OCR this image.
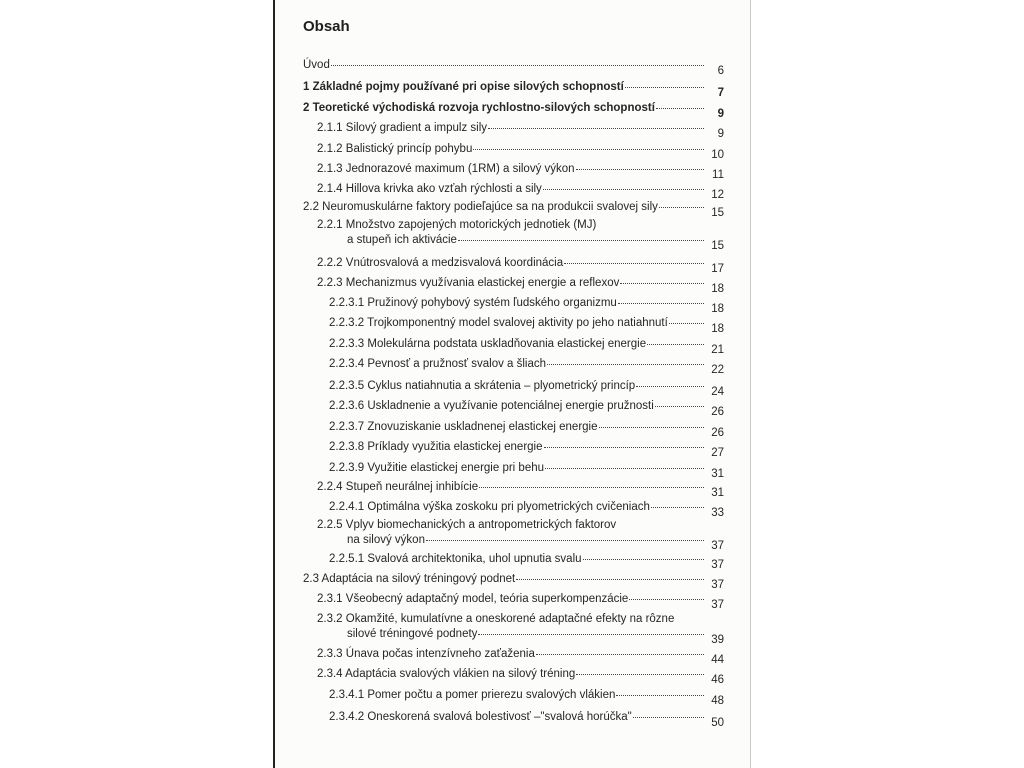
Obsah
Úvod	6
1 Základné pojmy používané pri opise silových schopností	7
2 Teoretické východiská rozvoja rychlostno-silových schopností	9
2.1.1 Silový gradient a impulz sily	9
2.1.2 Balistický princíp pohybu	10
2.1.3 Jednorazové maximum (1RM) a silový výkon	11
2.1.4 Hillova krivka ako vzťah rýchlosti a sily	12
2.2 Neuromuskulárne faktory podieľajúce sa na produkcii svalovej sily	15
2.2.1 Množstvo zapojených motorických jednotiek (MJ)
a stupeň ich aktivácie	15
2.2.2 Vnútrosvalová a medzisvalová koordinácia	17
2.2.3 Mechanizmus využívania elastickej energie a reflexov	18
2.2.3.1 Pružinový pohybový systém ľudského organizmu	18
2.2.3.2 Trojkomponentný model svalovej aktivity po jeho natiahnutí	18
2.2.3.3 Molekulárna podstata uskladňovania elastickej energie	21
2.2.3.4 Pevnosť a pružnosť svalov a šliach	22
2.2.3.5 Cyklus natiahnutia a skrátenia – plyometrický princíp	24
2.2.3.6 Uskladnenie a využívanie potenciálnej energie pružnosti	26
2.2.3.7 Znovuziskanie uskladnenej elastickej energie	26
2.2.3.8 Príklady využitia elastickej energie	27
2.2.3.9 Využitie elastickej energie pri behu	31
2.2.4 Stupeň neurálnej inhibície	31
2.2.4.1 Optimálna výška zoskoku pri plyometrických cvičeniach	33
2.2.5 Vplyv biomechanických a antropometrických faktorov
na silový výkon	37
2.2.5.1 Svalová architektonika, uhol upnutia svalu	37
2.3 Adaptácia na silový tréningový podnet	37
2.3.1 Všeobecný adaptačný model, teória superkompenzácie	37
2.3.2 Okamžité, kumulatívne a oneskorené adaptačné efekty na rôzne
silové tréningové podnety	39
2.3.3 Únava počas intenzívneho zaťaženia	44
2.3.4 Adaptácia svalových vlákien na silový tréning	46
2.3.4.1 Pomer počtu a pomer prierezu svalových vlákien	48
2.3.4.2 Oneskorená svalová bolestivosť –"svalová horúčka"	50
